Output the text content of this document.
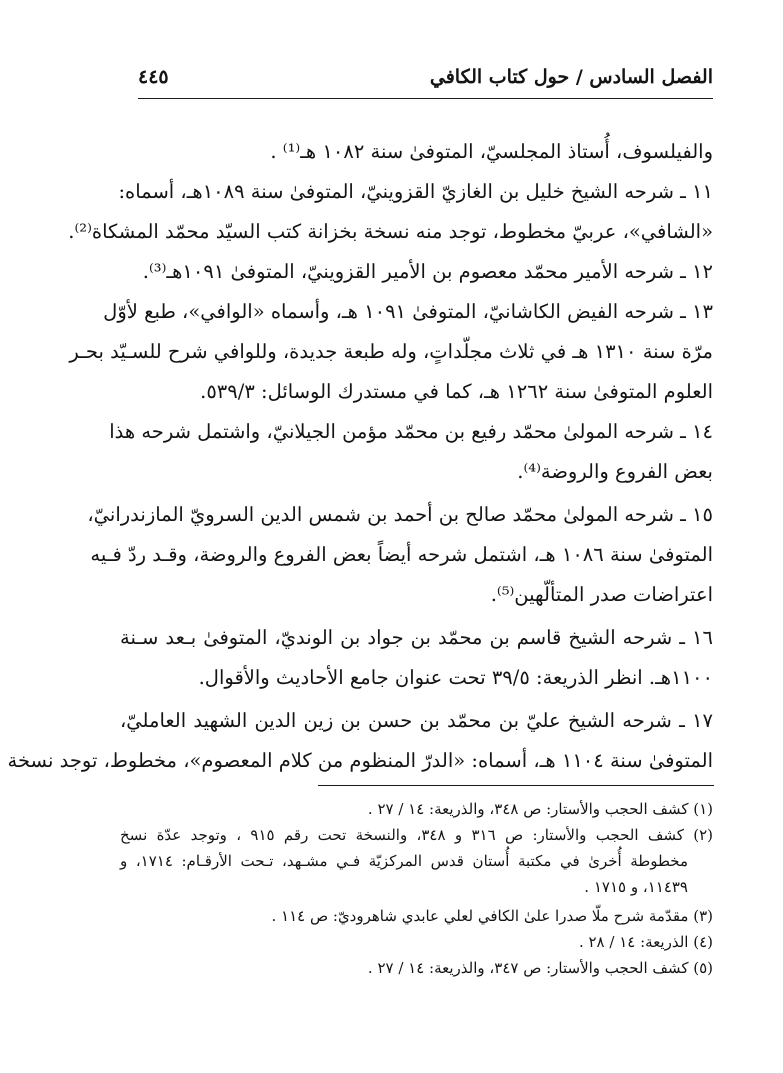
الفصل السادس / حول كتاب الكافي
٤٤٥
والفيلسوف، أُستاذ المجلسيّ، المتوفىٰ سنة ١٠٨٢ هـ⁽¹⁾ .
١١ ـ شرحه الشيخ خليل بن الغازيّ القزوينيّ، المتوفىٰ سنة ١٠٨٩هـ، أسماه:
«الشافي»، عربيّ مخطوط، توجد منه نسخة بخزانة كتب السيّد محمّد المشكاة⁽²⁾.
١٢ ـ شرحه الأمير محمّد معصوم بن الأمير القزوينيّ، المتوفىٰ ١٠٩١هـ⁽³⁾.
١٣ ـ شرحه الفيض الكاشانيّ، المتوفىٰ ١٠٩١ هـ، وأسماه «الوافي»، طبع لأوّل
مرّة سنة ١٣١٠ هـ في ثلاث مجلّداتٍ، وله طبعة جديدة، وللوافي شرح للسـيّد بحـر
العلوم المتوفىٰ سنة ١٢٦٢ هـ، كما في مستدرك الوسائل: ٥٣٩/٣.
١٤ ـ شرحه المولىٰ محمّد رفيع بن محمّد مؤمن الجيلانيّ، واشتمل شرحه هذا
بعض الفروع والروضة⁽⁴⁾.
١٥ ـ شرحه المولىٰ محمّد صالح بن أحمد بن شمس الدين السرويّ المازندرانيّ،
المتوفىٰ سنة ١٠٨٦ هـ، اشتمل شرحه أيضاً بعض الفروع والروضة، وقـد ردّ فـيه
اعتراضات صدر المتألّهين⁽⁵⁾.
١٦ ـ شرحه الشيخ قاسم بن محمّد بن جواد بن الونديّ، المتوفىٰ بـعد سـنة
١١٠٠هـ. انظر الذريعة: ٣٩/٥ تحت عنوان جامع الأحاديث والأقوال.
١٧ ـ شرحه الشيخ عليّ بن محمّد بن حسن بن زين الدين الشهيد العامليّ،
المتوفىٰ سنة ١١٠٤ هـ، أسماه: «الدرّ المنظوم من كلام المعصوم»، مخطوط، توجد نسخة
(١) كشف الحجب والأستار: ص ٣٤٨، والذريعة: ١٤ / ٢٧ .
(٢) كشف الحجب والأستار: ص ٣١٦ و ٣٤٨، والنسخة تحت رقم ٩١٥ ، وتوجد عدّة نسخ
مخطوطة أُخرىٰ في مكتبة أُستان قدس المركزيّة فـي مشـهد، تـحت الأرقـام: ١٧١٤، و
١١٤٣٩، و ١٧١٥ .
(٣) مقدّمة شرح ملّا صدرا علىٰ الكافي لعلي عابدي شاهروديّ: ص ١١٤ .
(٤) الذريعة: ١٤ / ٢٨ .
(٥) كشف الحجب والأستار: ص ٣٤٧، والذريعة: ١٤ / ٢٧ .
